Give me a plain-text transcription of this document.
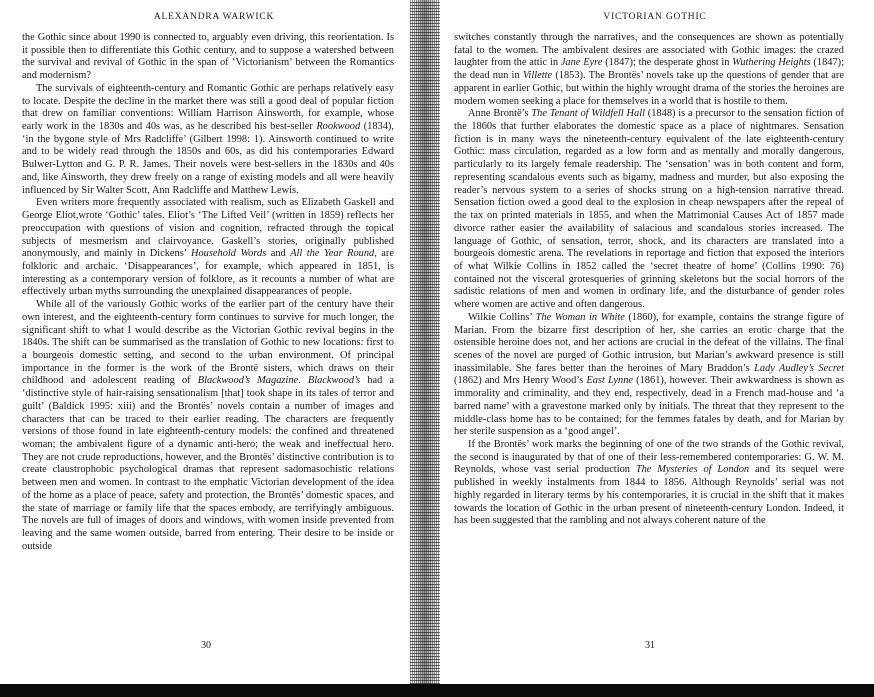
ALEXANDRA WARWICK

the Gothic since about 1990 is connected to, arguably even driving, this reorientation. Is it possible then to differentiate this Gothic century, and to suppose a watershed between the survival and revival of Gothic in the span of ‘Victorianism’ between the Romantics and modernism?

The survivals of eighteenth-century and Romantic Gothic are perhaps relatively easy to locate. Despite the decline in the market there was still a good deal of popular fiction that drew on familiar conventions: William Harrison Ainsworth, for example, whose early work in the 1830s and 40s was, as he described his best-seller Rookwood (1834), ‘in the bygone style of Mrs Radcliffe’ (Gilbert 1998: 1). Ainsworth continued to write and to be widely read through the 1850s and 60s, as did his contemporaries Edward Bulwer-Lytton and G. P. R. James. Their novels were best-sellers in the 1830s and 40s and, like Ainsworth, they drew freely on a range of existing models and all were heavily influenced by Sir Walter Scott, Ann Radcliffe and Matthew Lewis.

Even writers more frequently associated with realism, such as Elizabeth Gaskell and George Eliot,wrote ‘Gothic’ tales. Eliot’s ‘The Lifted Veil’ (written in 1859) reflects her preoccupation with questions of vision and cognition, refracted through the topical subjects of mesmerism and clairvoyance. Gaskell’s stories, originally published anonymously, and mainly in Dickens’ Household Words and All the Year Round, are folkloric and archaic. ‘Disappearances’, for example, which appeared in 1851, is interesting as a contemporary version of folklore, as it recounts a number of what are effectively urban myths surrounding the unexplained disappearances of people.

While all of the variously Gothic works of the earlier part of the century have their own interest, and the eighteenth-century form continues to survive for much longer, the significant shift to what I would describe as the Victorian Gothic revival begins in the 1840s. The shift can be summarised as the translation of Gothic to new locations: first to a bourgeois domestic setting, and second to the urban environment. Of principal importance in the former is the work of the Brontë sisters, which draws on their childhood and adolescent reading of Blackwood’s Magazine. Blackwood’s had a ‘distinctive style of hair-raising sensationalism [that] took shape in its tales of terror and guilt’ (Baldick 1995: xiii) and the Brontës’ novels contain a number of images and characters that can be traced to their earlier reading. The characters are frequently versions of those found in late eighteenth-century models: the confined and threatened woman; the ambivalent figure of a dynamic anti-hero; the weak and ineffectual hero. They are not crude reproductions, however, and the Brontës’ distinctive contribution is to create claustrophobic psychological dramas that represent sadomasochistic relations between men and women. In contrast to the emphatic Victorian development of the idea of the home as a place of peace, safety and protection, the Brontës’ domestic spaces, and the state of marriage or family life that the spaces embody, are terrifyingly ambiguous. The novels are full of images of doors and windows, with women inside prevented from leaving and the same women outside, barred from entering. Their desire to be inside or outside

30
VICTORIAN GOTHIC

switches constantly through the narratives, and the consequences are shown as potentially fatal to the women. The ambivalent desires are associated with Gothic images: the crazed laughter from the attic in Jane Eyre (1847); the desperate ghost in Wuthering Heights (1847); the dead nun in Villette (1853). The Brontës’ novels take up the questions of gender that are apparent in earlier Gothic, but within the highly wrought drama of the stories the heroines are modern women seeking a place for themselves in a world that is hostile to them.

Anne Brontë’s The Tenant of Wildfell Hall (1848) is a precursor to the sensation fiction of the 1860s that further elaborates the domestic space as a place of nightmares. Sensation fiction is in many ways the nineteenth-century equivalent of the late eighteenth-century Gothic: mass circulation, regarded as a low form and as mentally and morally dangerous, particularly to its largely female readership. The ‘sensation’ was in both content and form, representing scandalous events such as bigamy, madness and murder, but also exposing the reader’s nervous system to a series of shocks strung on a high-tension narrative thread. Sensation fiction owed a good deal to the explosion in cheap newspapers after the repeal of the tax on printed materials in 1855, and when the Matrimonial Causes Act of 1857 made divorce rather easier the availability of salacious and scandalous stories increased. The language of Gothic, of sensation, terror, shock, and its characters are translated into a bourgeois domestic arena. The revelations in reportage and fiction that exposed the interiors of what Wilkie Collins in 1852 called the ‘secret theatre of home’ (Collins 1990: 76) contained not the visceral grotesqueries of grinning skeletons but the social horrors of the sadistic relations of men and women in ordinary life, and the disturbance of gender roles where women are active and often dangerous.

Wilkie Collins’ The Woman in White (1860), for example, contains the strange figure of Marian. From the bizarre first description of her, she carries an erotic charge that the ostensible heroine does not, and her actions are crucial in the defeat of the villains. The final scenes of the novel are purged of Gothic intrusion, but Marian’s awkward presence is still inassimilable. She fares better than the heroines of Mary Braddon’s Lady Audley’s Secret (1862) and Mrs Henry Wood’s East Lynne (1861), however. Their awkwardness is shown as immorality and criminality, and they end, respectively, dead in a French mad-house and ‘a barred name’ with a gravestone marked only by initials. The threat that they represent to the middle-class home has to be contained; for the femmes fatales by death, and for Marian by her sterile suspension as a ‘good angel’.

If the Brontës’ work marks the beginning of one of the two strands of the Gothic revival, the second is inaugurated by that of one of their less-remembered contemporaries: G. W. M. Reynolds, whose vast serial production The Mysteries of London and its sequel were published in weekly instalments from 1844 to 1856. Although Reynolds’ serial was not highly regarded in literary terms by his contemporaries, it is crucial in the shift that it makes towards the location of Gothic in the urban present of nineteenth-century London. Indeed, it has been suggested that the rambling and not always coherent nature of the

31
